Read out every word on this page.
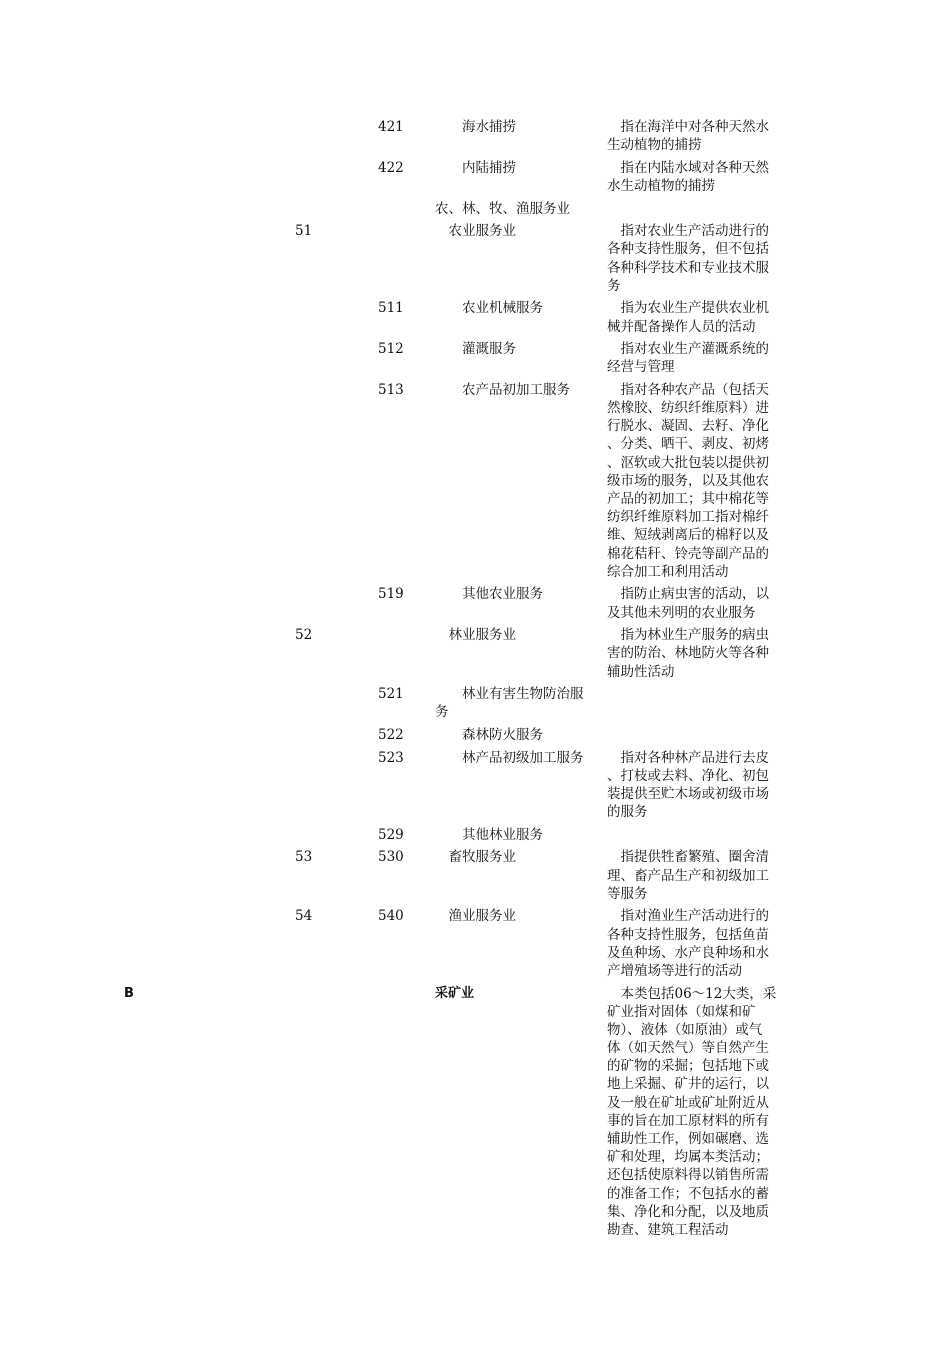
421 　　海水捕捞	　指在海洋中对各种天然水
生动植物的捕捞
422 　　内陆捕捞	　指在内陆水域对各种天然
水生动植物的捕捞
农、林、牧、渔服务业
51	　农业服务业	　指对农业生产活动进行的
各种支持性服务，但不包括
各种科学技术和专业技术服
务
511 　　农业机械服务	　指为农业生产提供农业机
械并配备操作人员的活动
512 　　灌溉服务	　指对农业生产灌溉系统的
经营与管理
513 　　农产品初加工服务	　指对各种农产品（包括天
然橡胶、纺织纤维原料）进
行脱水、凝固、去籽、净化
、分类、晒干、剥皮、初烤
、沤软或大批包装以提供初
级市场的服务，以及其他农
产品的初加工；其中棉花等
纺织纤维原料加工指对棉纤
维、短绒剥离后的棉籽以及
棉花秸秆、铃壳等副产品的
综合加工和利用活动
519 　　其他农业服务	　指防止病虫害的活动，以
及其他未列明的农业服务
52	　林业服务业	　指为林业生产服务的病虫
害的防治、林地防火等各种
辅助性活动
521 　　林业有害生物防治服
务
522 　　森林防火服务
523 　　林产品初级加工服务	　指对各种林产品进行去皮
、打枝或去料、净化、初包
装提供至贮木场或初级市场
的服务
529 　　其他林业服务
53	530 　畜牧服务业	　指提供牲畜繁殖、圈舍清
理、畜产品生产和初级加工
等服务
54	540 　渔业服务业	　指对渔业生产活动进行的
各种支持性服务，包括鱼苗
及鱼种场、水产良种场和水
产增殖场等进行的活动
B	采矿业	　本类包括06～12大类，采
矿业指对固体（如煤和矿
物）、液体（如原油）或气
体（如天然气）等自然产生
的矿物的采掘；包括地下或
地上采掘、矿井的运行，以
及一般在矿址或矿址附近从
事的旨在加工原材料的所有
辅助性工作，例如碾磨、选
矿和处理，均属本类活动；
还包括使原料得以销售所需
的准备工作；不包括水的蓄
集、净化和分配，以及地质
勘查、建筑工程活动
